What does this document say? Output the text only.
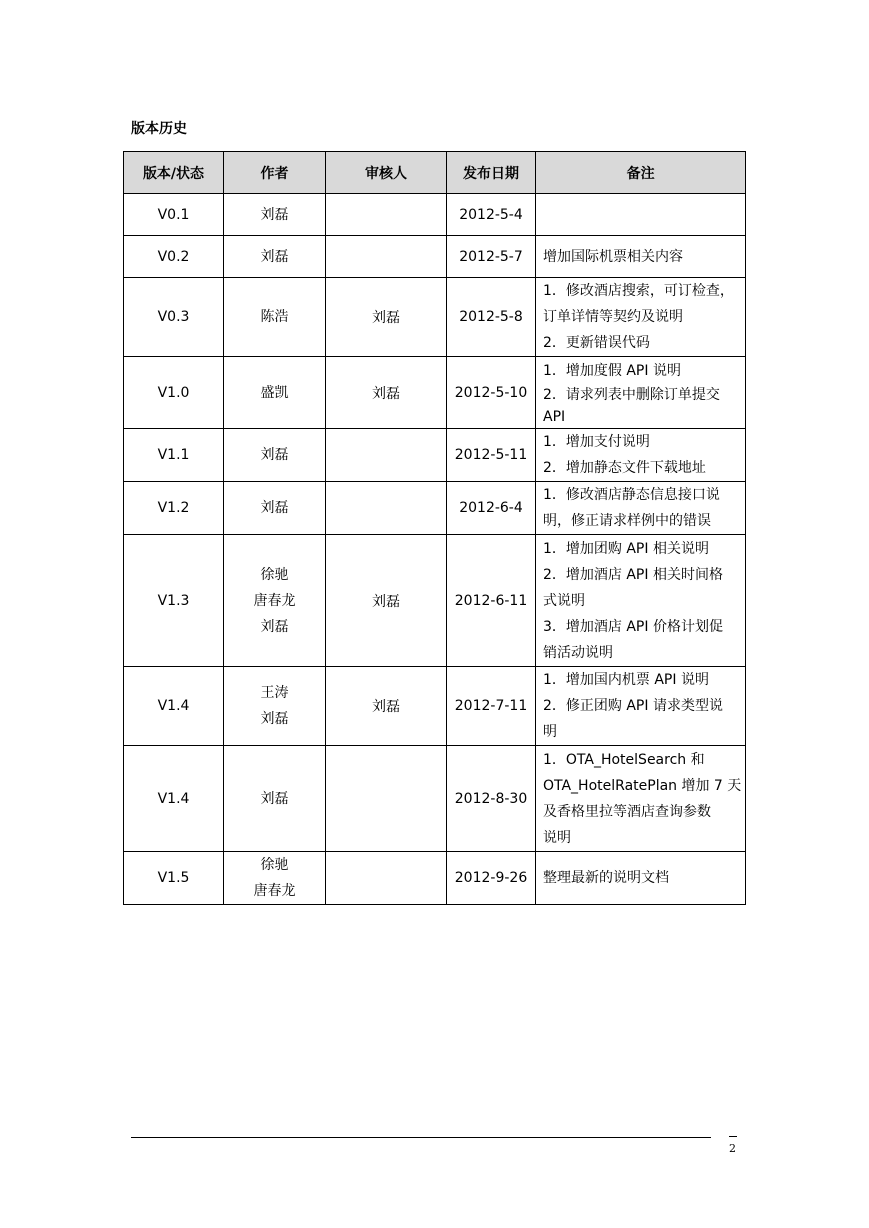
版本历史
版本/状态	作者	审核人	发布日期	备注
V0.1	刘磊		2012-5-4	
V0.2	刘磊		2012-5-7	增加国际机票相关内容

V0.3	陈浩	刘磊	2012-5-8	1．修改酒店搜索，可订检查，
订单详情等契约及说明
2．更新错误代码

V1.0	盛凯	刘磊	2012-5-10	1．增加度假 API 说明
2．请求列表中删除订单提交
API

V1.1	刘磊		2012-5-11	1．增加支付说明
2．增加静态文件下载地址

V1.2	刘磊		2012-6-4	1．修改酒店静态信息接口说
明，修正请求样例中的错误

V1.3	徐驰
唐春龙
刘磊	刘磊	2012-6-11	1．增加团购 API 相关说明
2．增加酒店 API 相关时间格
式说明
3．增加酒店 API 价格计划促
销活动说明

V1.4	王涛
刘磊	刘磊	2012-7-11	1．增加国内机票 API 说明
2．修正团购 API 请求类型说
明

V1.4	刘磊		2012-8-30	1．OTA_HotelSearch 和
OTA_HotelRatePlan 增加 7 天
及香格里拉等酒店查询参数
说明

V1.5	徐驰
唐春龙		2012-9-26	整理最新的说明文档
2
